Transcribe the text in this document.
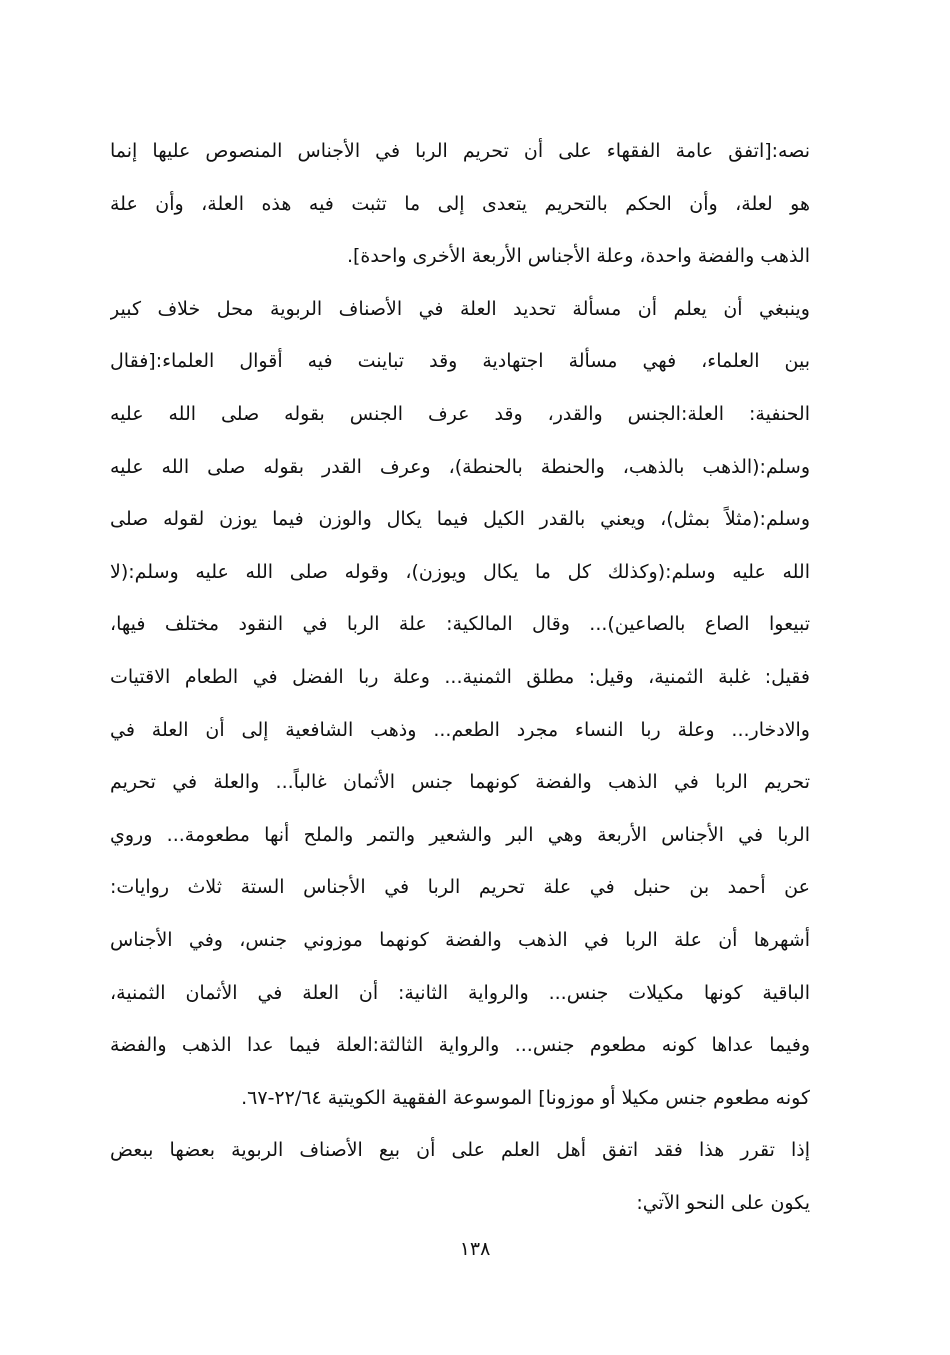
نصه:[اتفق عامة الفقهاء على أن تحريم الربا في الأجناس المنصوص عليها إنما
هو لعلة، وأن الحكم بالتحريم يتعدى إلى ما تثبت فيه هذه العلة، وأن علة
الذهب والفضة واحدة، وعلة الأجناس الأربعة الأخرى واحدة].
وينبغي أن يعلم أن مسألة تحديد العلة في الأصناف الربوية محل خلاف كبير
بين العلماء، فهي مسألة اجتهادية وقد تباينت فيه أقوال العلماء:[فقال
الحنفية: العلة:الجنس والقدر، وقد عرف الجنس بقوله صلى الله عليه
وسلم:(الذهب بالذهب، والحنطة بالحنطة)، وعرف القدر بقوله صلى الله عليه
وسلم:(مثلاً بمثل)، ويعني بالقدر الكيل فيما يكال والوزن فيما يوزن لقوله صلى
الله عليه وسلم:(وكذلك كل ما يكال ويوزن)، وقوله صلى الله عليه وسلم:(لا
تبيعوا الصاع بالصاعين)... وقال المالكية: علة الربا في النقود مختلف فيها،
فقيل: غلبة الثمنية، وقيل: مطلق الثمنية... وعلة ربا الفضل في الطعام الاقتيات
والادخار... وعلة ربا النساء مجرد الطعم... وذهب الشافعية إلى أن العلة في
تحريم الربا في الذهب والفضة كونهما جنس الأثمان غالباً... والعلة في تحريم
الربا في الأجناس الأربعة وهي البر والشعير والتمر والملح أنها مطعومة... وروي
عن أحمد بن حنبل في علة تحريم الربا في الأجناس الستة ثلاث روايات:
أشهرها أن علة الربا في الذهب والفضة كونهما موزوني جنس، وفي الأجناس
الباقية كونها مكيلات جنس... والرواية الثانية: أن العلة في الأثمان الثمنية،
وفيما عداها كونه مطعوم جنس... والرواية الثالثة:العلة فيما عدا الذهب والفضة
كونه مطعوم جنس مكيلا أو موزونا] الموسوعة الفقهية الكويتية ٢٢/٦٤-٦٧.
إذا تقرر هذا فقد اتفق أهل العلم على أن بيع الأصناف الربوية بعضها ببعض
يكون على النحو الآتي:
١٣٨
